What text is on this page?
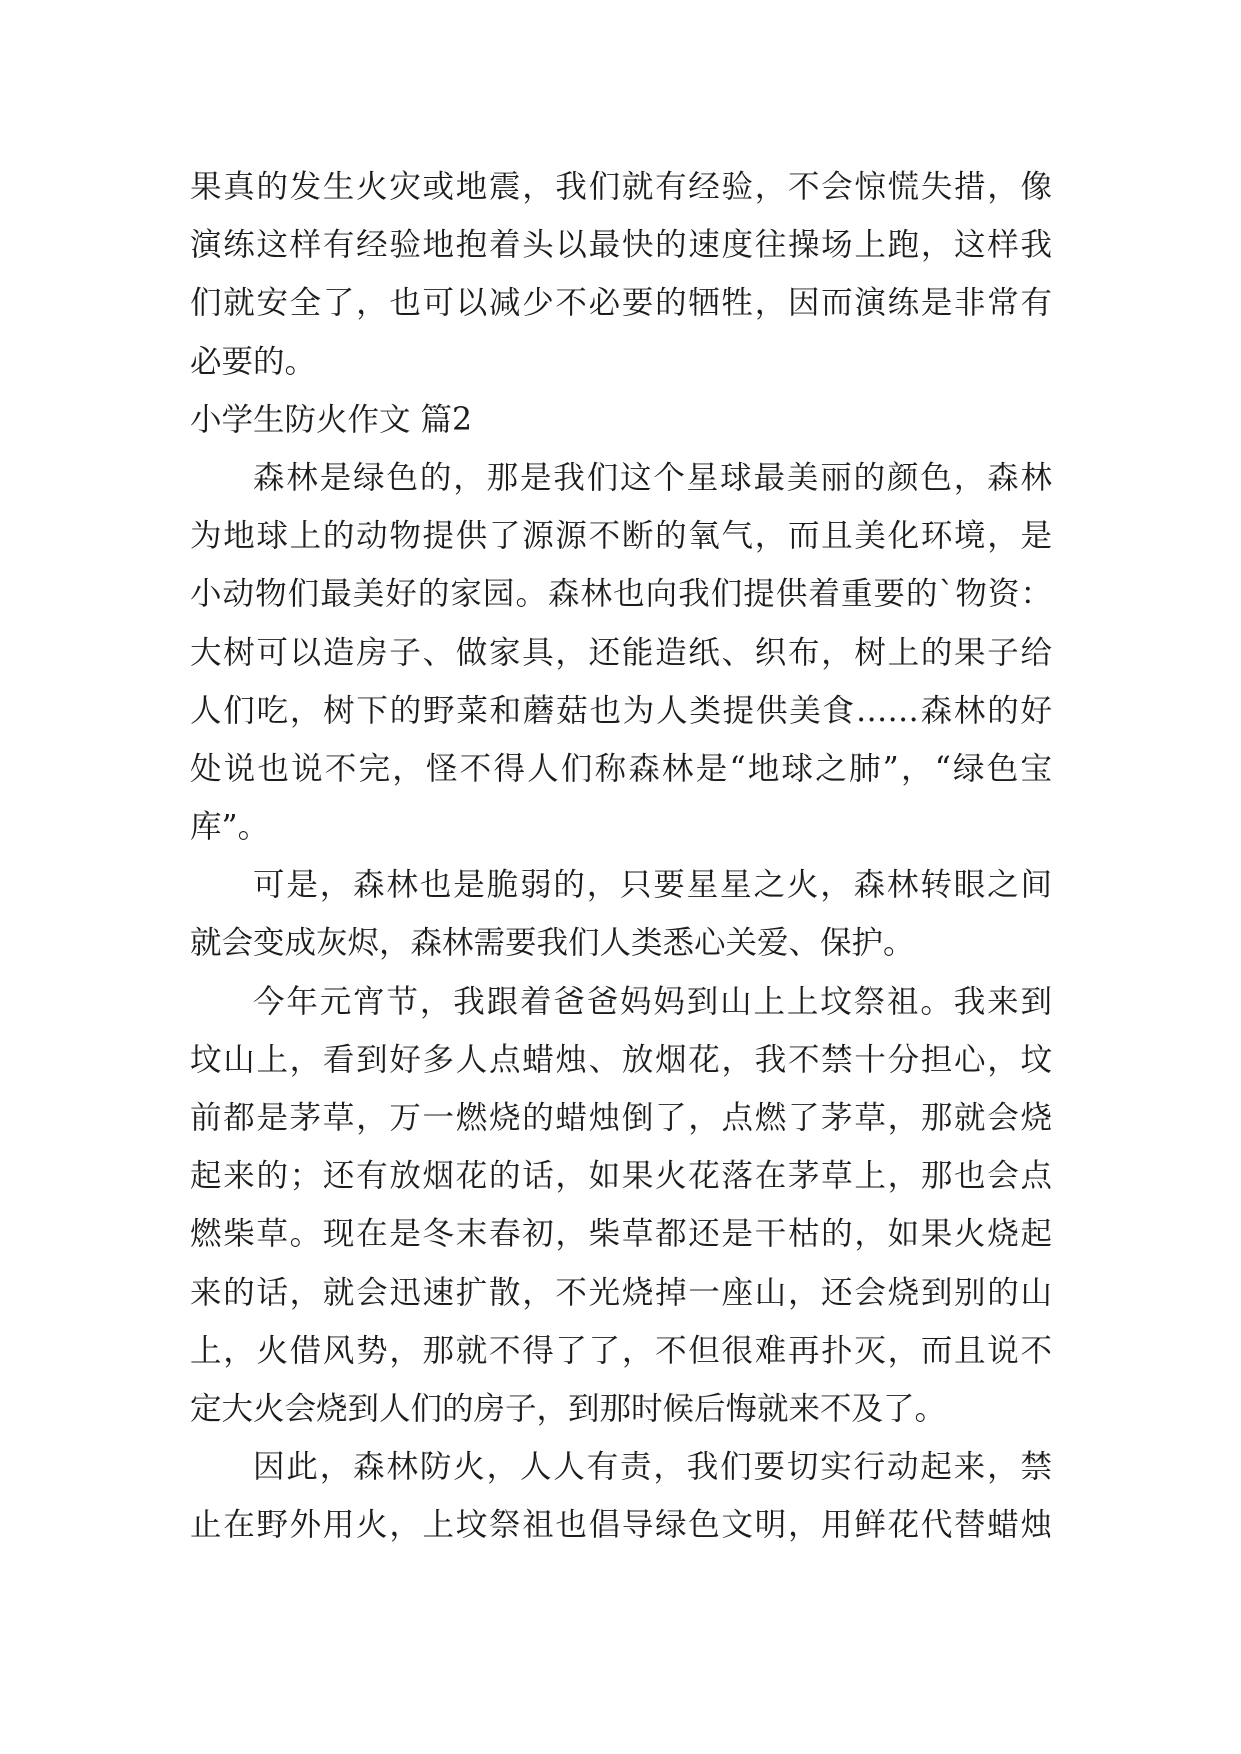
果真的发生火灾或地震，我们就有经验，不会惊慌失措，像
演练这样有经验地抱着头以最快的速度往操场上跑，这样我
们就安全了，也可以减少不必要的牺牲，因而演练是非常有
必要的。
小学生防火作文 篇2
森林是绿色的，那是我们这个星球最美丽的颜色，森林
为地球上的动物提供了源源不断的氧气，而且美化环境，是
小动物们最美好的家园。森林也向我们提供着重要的`物资：
大树可以造房子、做家具，还能造纸、织布，树上的果子给
人们吃，树下的野菜和蘑菇也为人类提供美食……森林的好
处说也说不完，怪不得人们称森林是“地球之肺”，“绿色宝
库”。
可是，森林也是脆弱的，只要星星之火，森林转眼之间
就会变成灰烬，森林需要我们人类悉心关爱、保护。
今年元宵节，我跟着爸爸妈妈到山上上坟祭祖。我来到
坟山上，看到好多人点蜡烛、放烟花，我不禁十分担心，坟
前都是茅草，万一燃烧的蜡烛倒了，点燃了茅草，那就会烧
起来的；还有放烟花的话，如果火花落在茅草上，那也会点
燃柴草。现在是冬末春初，柴草都还是干枯的，如果火烧起
来的话，就会迅速扩散，不光烧掉一座山，还会烧到别的山
上，火借风势，那就不得了了，不但很难再扑灭，而且说不
定大火会烧到人们的房子，到那时候后悔就来不及了。
因此，森林防火，人人有责，我们要切实行动起来，禁
止在野外用火，上坟祭祖也倡导绿色文明，用鲜花代替蜡烛
